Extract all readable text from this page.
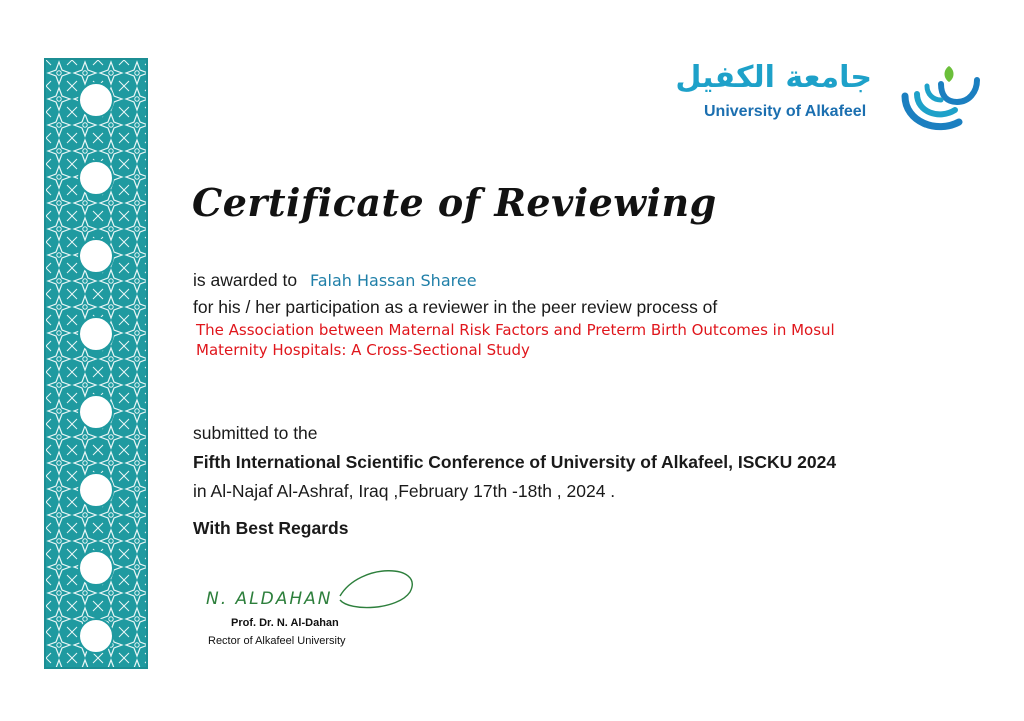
جامعة الكفيل
University of Alkafeel
Certificate of Reviewing
is awarded to Falah Hassan Sharee
for his / her participation as a reviewer in the peer review process of
The Association between Maternal Risk Factors and Preterm Birth Outcomes in Mosul
Maternity Hospitals: A Cross-Sectional Study
submitted to the
Fifth International Scientific Conference of University of Alkafeel, ISCKU 2024
in Al-Najaf Al-Ashraf, Iraq ,February 17th -18th , 2024 .
With Best Regards
N. ALDAHAN
Prof. Dr. N. Al-Dahan
Rector of Alkafeel University
